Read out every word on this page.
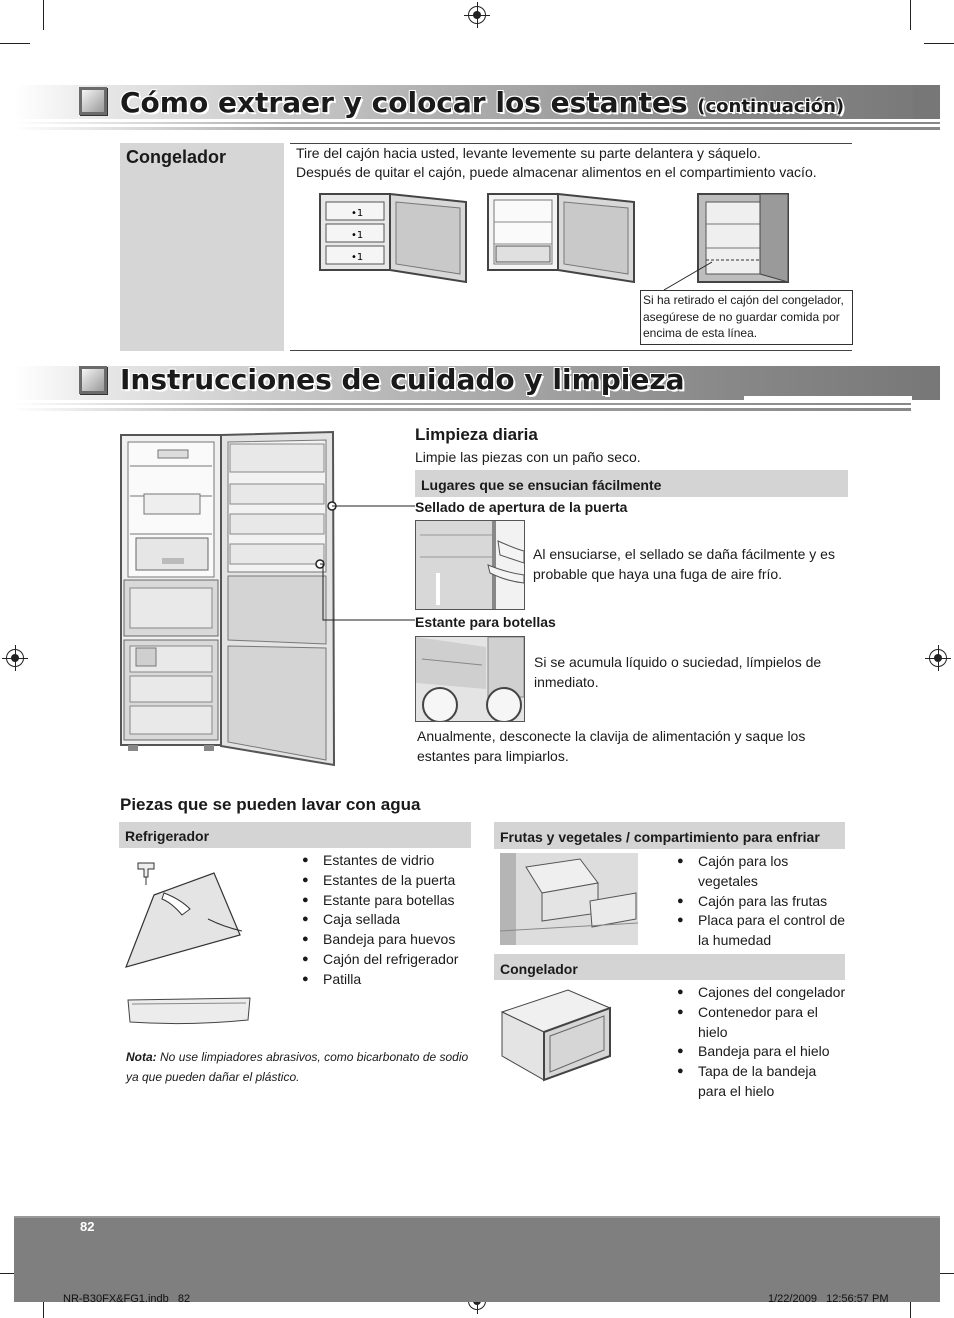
Cómo extraer y colocar los estantes (continuación)
Congelador	Tire del cajón hacia usted, levante levemente su parte delantera y sáquelo.
Después de quitar el cajón, puede almacenar alimentos en el compartimiento vacío.
•1
•1
•1
Si ha retirado el cajón del congelador, asegúrese de no guardar comida por encima de esta línea.
Instrucciones de cuidado y limpieza
Limpieza diaria
Limpie las piezas con un paño seco.
Lugares que se ensucian fácilmente
Sellado de apertura de la puerta
Al ensuciarse, el sellado se daña fácilmente y es probable que haya una fuga de aire frío.
Estante para botellas
Si se acumula líquido o suciedad, límpielos de inmediato.
Anualmente, desconecte la clavija de alimentación y saque los estantes para limpiarlos.
Piezas que se pueden lavar con agua
Refrigerador
● Estantes de vidrio
● Estantes de la puerta
● Estante para botellas
● Caja sellada
● Bandeja para huevos
● Cajón del refrigerador
● Patilla
Nota: No use limpiadores abrasivos, como bicarbonato de sodio ya que pueden dañar el plástico.
Frutas y vegetales / compartimiento para enfriar
● Cajón para los vegetales
● Cajón para las frutas
● Placa para el control de la humedad
Congelador
● Cajones del congelador
● Contenedor para el hielo
● Bandeja para el hielo
● Tapa de la bandeja para el hielo
82
NR-B30FX&FG1.indb   82	1/22/2009   12:56:57 PM
